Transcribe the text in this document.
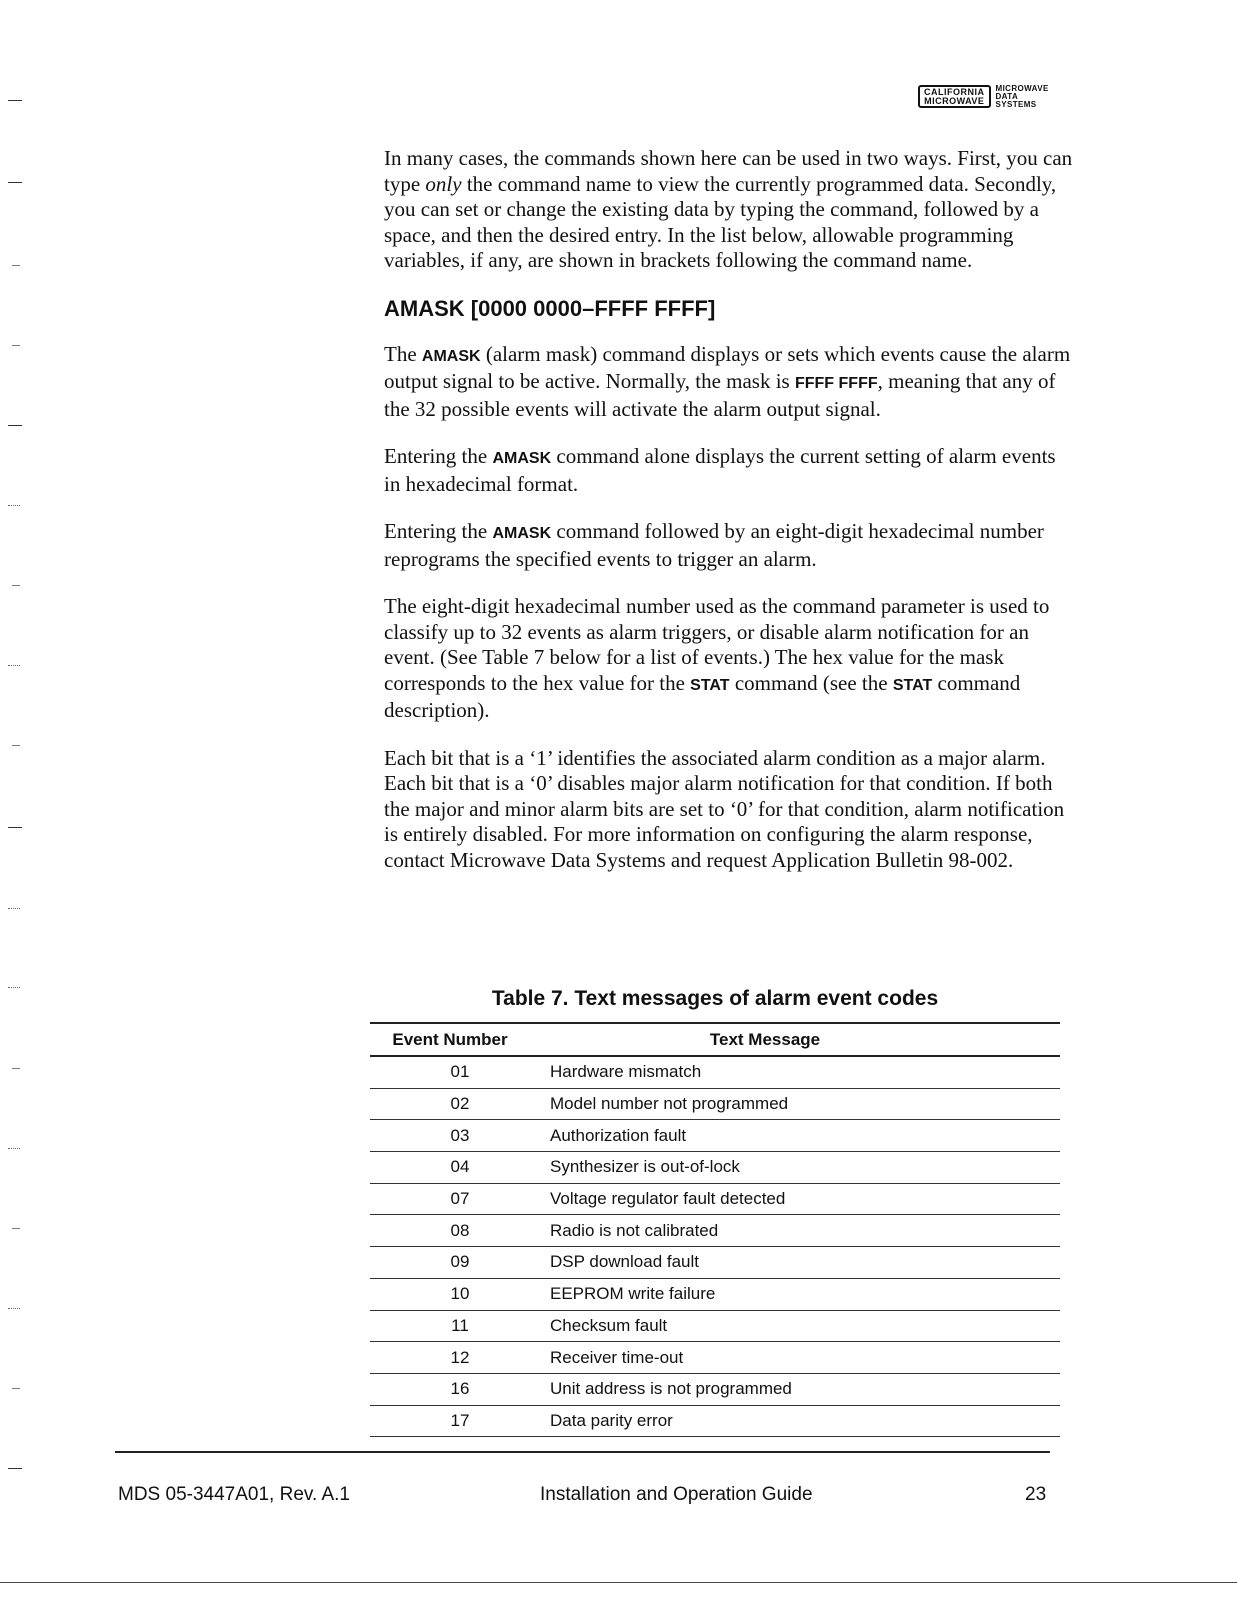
CALIFORNIA
MICROWAVE
MICROWAVE
DATA
SYSTEMS

In many cases, the commands shown here can be used in two ways. First, you can type only the command name to view the currently programmed data. Secondly, you can set or change the existing data by typing the command, followed by a space, and then the desired entry. In the list below, allowable programming variables, if any, are shown in brackets following the command name.

AMASK [0000 0000–FFFF FFFF]

The AMASK (alarm mask) command displays or sets which events cause the alarm output signal to be active. Normally, the mask is FFFF FFFF, meaning that any of the 32 possible events will activate the alarm output signal.

Entering the AMASK command alone displays the current setting of alarm events in hexadecimal format.

Entering the AMASK command followed by an eight-digit hexadecimal number reprograms the specified events to trigger an alarm.

The eight-digit hexadecimal number used as the command parameter is used to classify up to 32 events as alarm triggers, or disable alarm notification for an event. (See Table 7 below for a list of events.) The hex value for the mask corresponds to the hex value for the STAT command (see the STAT command description).

Each bit that is a ‘1’ identifies the associated alarm condition as a major alarm. Each bit that is a ‘0’ disables major alarm notification for that condition. If both the major and minor alarm bits are set to ‘0’ for that condition, alarm notification is entirely disabled. For more information on configuring the alarm response, contact Microwave Data Systems and request Application Bulletin 98-002.

Table 7. Text messages of alarm event codes
Event Number	Text Message
01	Hardware mismatch
02	Model number not programmed
03	Authorization fault
04	Synthesizer is out-of-lock
07	Voltage regulator fault detected
08	Radio is not calibrated
09	DSP download fault
10	EEPROM write failure
11	Checksum fault
12	Receiver time-out
16	Unit address is not programmed
17	Data parity error
MDS 05-3447A01, Rev. A.1	Installation and Operation Guide	23
